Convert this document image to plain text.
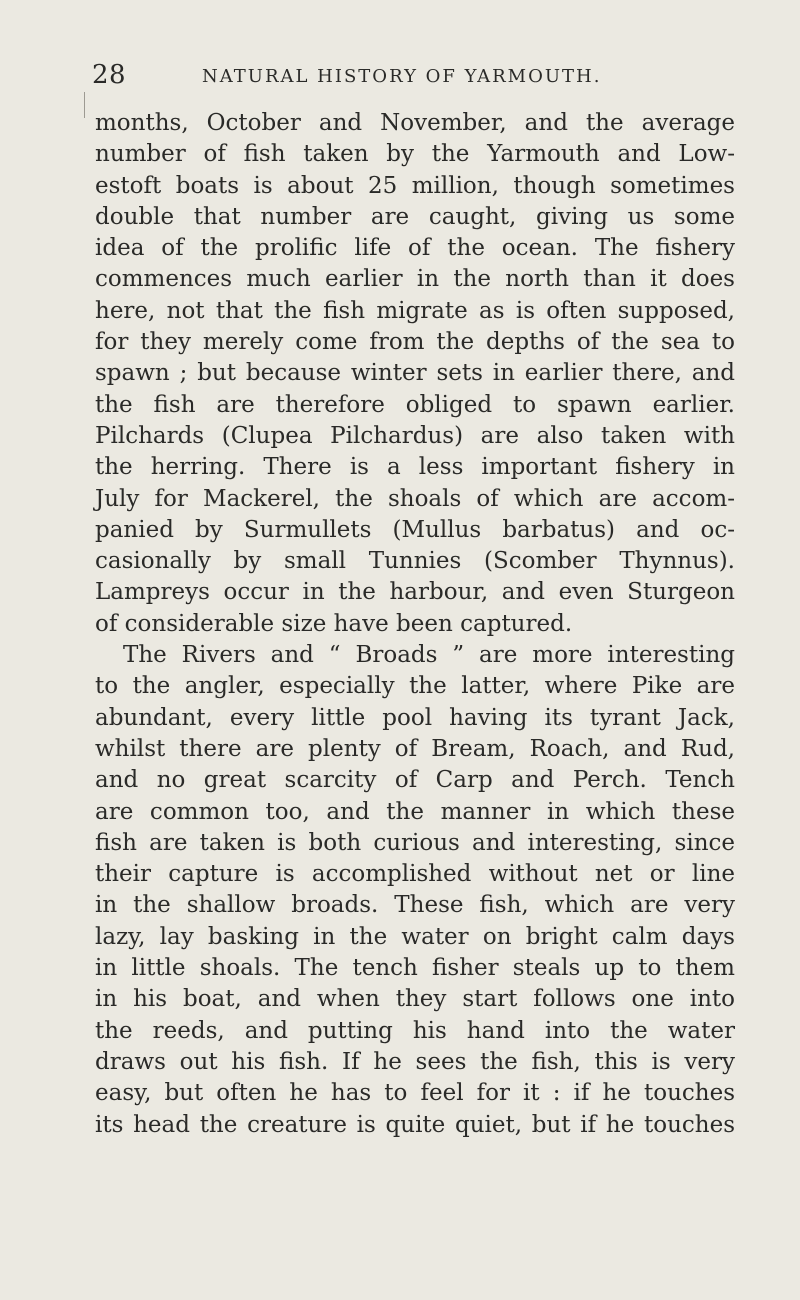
28	NATURAL HISTORY OF YARMOUTH.
months, October and November, and the average
number of fish taken by the Yarmouth and Low-
estoft boats is about 25 million, though sometimes
double that number are caught, giving us some
idea of the prolific life of the ocean. The fishery
commences much earlier in the north than it does
here, not that the fish migrate as is often supposed,
for they merely come from the depths of the sea to
spawn ; but because winter sets in earlier there, and
the fish are therefore obliged to spawn earlier.
Pilchards (Clupea Pilchardus) are also taken with
the herring. There is a less important fishery in
July for Mackerel, the shoals of which are accom-
panied by Surmullets (Mullus barbatus) and oc-
casionally by small Tunnies (Scomber Thynnus).
Lampreys occur in the harbour, and even Sturgeon
of considerable size have been captured.
The Rivers and “ Broads ” are more interesting
to the angler, especially the latter, where Pike are
abundant, every little pool having its tyrant Jack,
whilst there are plenty of Bream, Roach, and Rud,
and no great scarcity of Carp and Perch. Tench
are common too, and the manner in which these
fish are taken is both curious and interesting, since
their capture is accomplished without net or line
in the shallow broads. These fish, which are very
lazy, lay basking in the water on bright calm days
in little shoals. The tench fisher steals up to them
in his boat, and when they start follows one into
the reeds, and putting his hand into the water
draws out his fish. If he sees the fish, this is very
easy, but often he has to feel for it : if he touches
its head the creature is quite quiet, but if he touches
